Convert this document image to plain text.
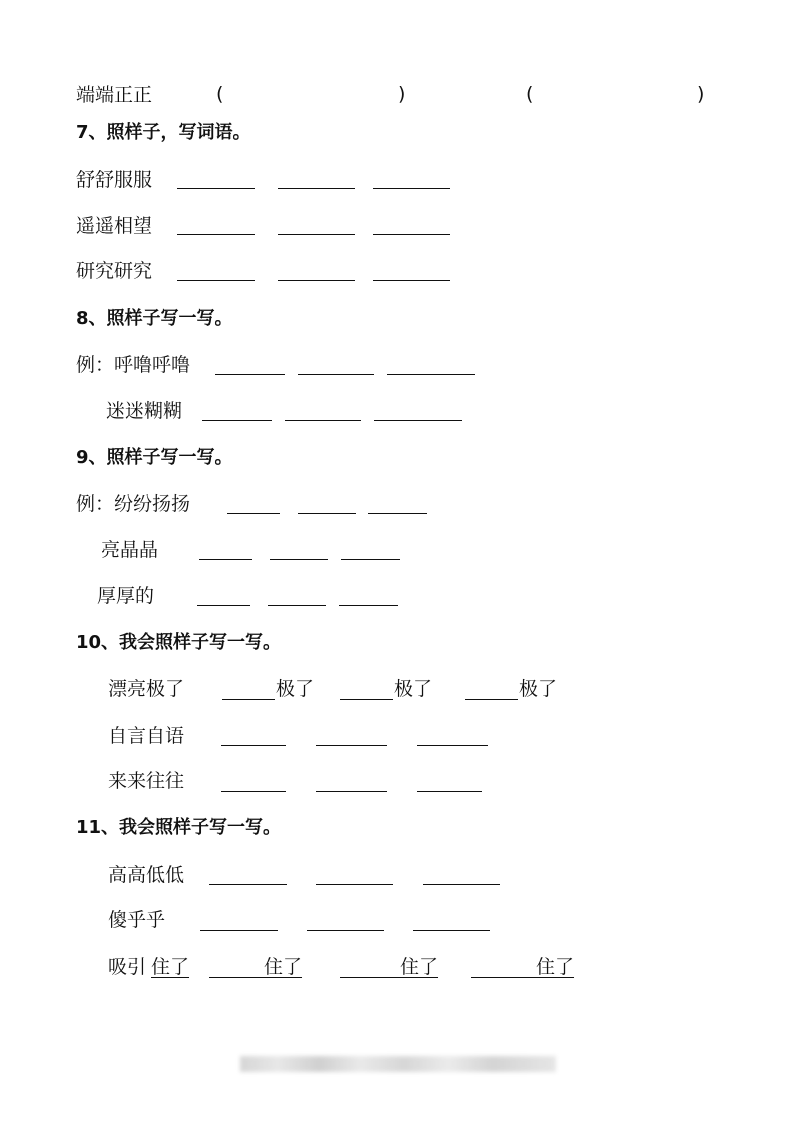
端端正正	(	)	(	)
7、照样子，写词语。
舒舒服服
遥遥相望
研究研究
8、照样子写一写。
例：呼噜呼噜
迷迷糊糊
9、照样子写一写。
例：纷纷扬扬
亮晶晶
厚厚的
10、我会照样子写一写。
漂亮极了	极了	极了	极了
自言自语
来来往往
11、我会照样子写一写。
高高低低
傻乎乎
吸引 住了	住了	住了	住了
